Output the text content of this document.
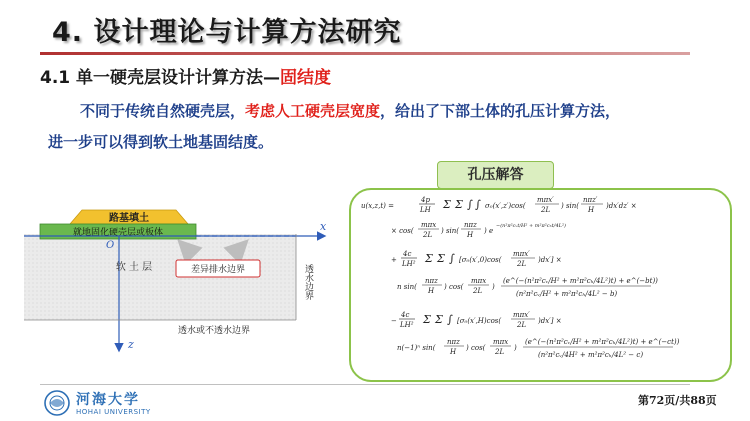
4. 设计理论与计算方法研究
4.1 单一硬壳层设计计算方法—固结度
不同于传统自然硬壳层，考虑人工硬壳层宽度，给出了下部土体的孔压计算方法，
进一步可以得到软土地基固结度。
孔压解答
u(x,z,t) =
4p
LH Σ Σ ∫ ∫ σ₀(x′,z′)cos(
mπx′
2L ) sin(
nπz′
H )dx′dz′ ×
× cos(
mπx
2L ) sin(
nπz
H ) e
−(n²π²cᵥt/H² + m²π²cₕt/4L²)
+
4c
LH² Σ Σ ∫ [σ₀(x′,0)cos(
mπx′
2L )dx′] ×
n sin(
nπz
H ) cos(
mπx
2L )
(e^(−(n²π²cᵥ/H² + m²π²cₕ/4L²)t) + e^(−bt))
(n²π²cᵥ/H² + m²π²cₕ/4L² − b)
−
4c
LH² Σ Σ ∫ [σ₀(x′,H)cos(
mπx′
2L )dx′] ×
n(−1)ⁿ sin(
nπz
H ) cos(
mπx
2L )
(e^(−(n²π²cᵥ/H² + m²π²cₕ/4L²)t) + e^(−ct))
(n²π²cᵥ/4H² + m²π²cₕ/4L² − c)
路基填土
就地固化硬壳层或板体	x
z
O
软 土 层	差异排水边界	透水边界
透水或不透水边界
河海大学
HOHAI UNIVERSITY
第72页/共88页
